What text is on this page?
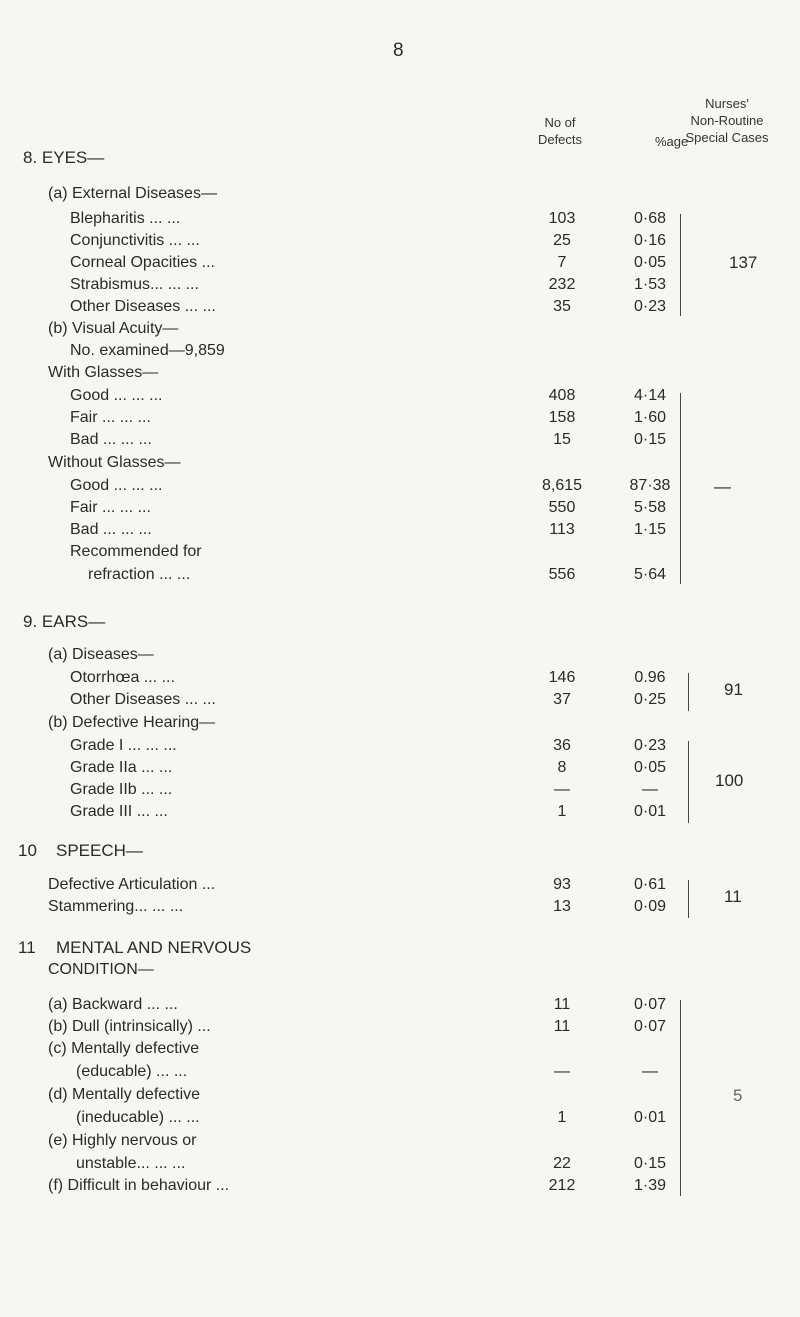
8
No of
Defects	%age
Nurses'
Non-Routine
Special Cases
8. EYES—
(a) External Diseases—
Blepharitis ... ...	103	0·68
Conjunctivitis ... ...	25	0·16
Corneal Opacities ...	7	0·05
Strabismus... ... ...	232	1·53
Other Diseases ... ...	35	0·23
137
(b) Visual Acuity—
No. examined—9,859
With Glasses—
Good ... ... ...	408	4·14
Fair ... ... ...	158	1·60
Bad ... ... ...	15	0·15
Without Glasses—
Good ... ... ...	8,615	87·38
Fair ... ... ...	550	5·58
Bad ... ... ...	113	1·15
Recommended for
refraction ... ...	556	5·64
—
9. EARS—
(a) Diseases—
Otorrhœa ... ...	146	0.96
Other Diseases ... ...	37	0·25
91
(b) Defective Hearing—
Grade I ... ... ...	36	0·23
Grade IIa ... ...	8	0·05
Grade IIb ... ...	—	—
Grade III ... ...	1	0·01
100
10 SPEECH—
Defective Articulation ...	93	0·61
Stammering... ... ...	13	0·09
11
11 MENTAL AND NERVOUS
CONDITION—
(a) Backward ... ...	11	0·07
(b) Dull (intrinsically) ...	11	0·07
(c) Mentally defective
(educable) ... ...	—	—
(d) Mentally defective
(ineducable) ... ...	1	0·01
(e) Highly nervous or
unstable... ... ...	22	0·15
(f) Difficult in behaviour ...	212	1·39
5
